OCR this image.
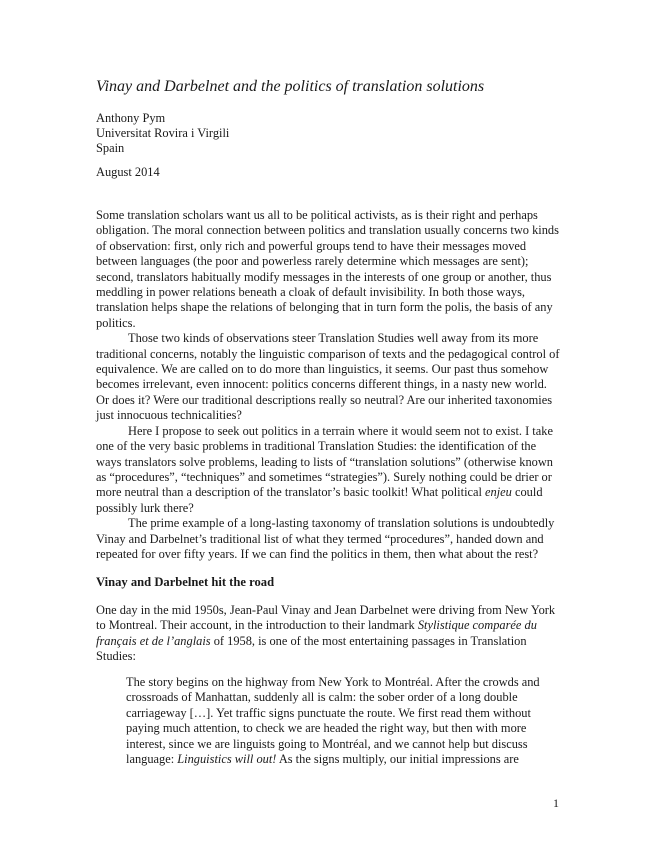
Vinay and Darbelnet and the politics of translation solutions
Anthony Pym
Universitat Rovira i Virgili
Spain
August 2014

Some translation scholars want us all to be political activists, as is their right and perhaps obligation. The moral connection between politics and translation usually concerns two kinds of observation: first, only rich and powerful groups tend to have their messages moved between languages (the poor and powerless rarely determine which messages are sent); second, translators habitually modify messages in the interests of one group or another, thus meddling in power relations beneath a cloak of default invisibility. In both those ways, translation helps shape the relations of belonging that in turn form the polis, the basis of any politics.

Those two kinds of observations steer Translation Studies well away from its more traditional concerns, notably the linguistic comparison of texts and the pedagogical control of equivalence. We are called on to do more than linguistics, it seems. Our past thus somehow becomes irrelevant, even innocent: politics concerns different things, in a nasty new world. Or does it? Were our traditional descriptions really so neutral? Are our inherited taxonomies just innocuous technicalities?

Here I propose to seek out politics in a terrain where it would seem not to exist. I take one of the very basic problems in traditional Translation Studies: the identification of the ways translators solve problems, leading to lists of “translation solutions” (otherwise known as “procedures”, “techniques” and sometimes “strategies”). Surely nothing could be drier or more neutral than a description of the translator’s basic toolkit! What political enjeu could possibly lurk there?

The prime example of a long-lasting taxonomy of translation solutions is undoubtedly Vinay and Darbelnet’s traditional list of what they termed “procedures”, handed down and repeated for over fifty years. If we can find the politics in them, then what about the rest?

Vinay and Darbelnet hit the road

One day in the mid 1950s, Jean-Paul Vinay and Jean Darbelnet were driving from New York to Montreal. Their account, in the introduction to their landmark Stylistique comparée du français et de l’anglais of 1958, is one of the most entertaining passages in Translation Studies:

The story begins on the highway from New York to Montréal. After the crowds and crossroads of Manhattan, suddenly all is calm: the sober order of a long double carriageway […]. Yet traffic signs punctuate the route. We first read them without paying much attention, to check we are headed the right way, but then with more interest, since we are linguists going to Montréal, and we cannot help but discuss language: Linguistics will out! As the signs multiply, our initial impressions are

1
